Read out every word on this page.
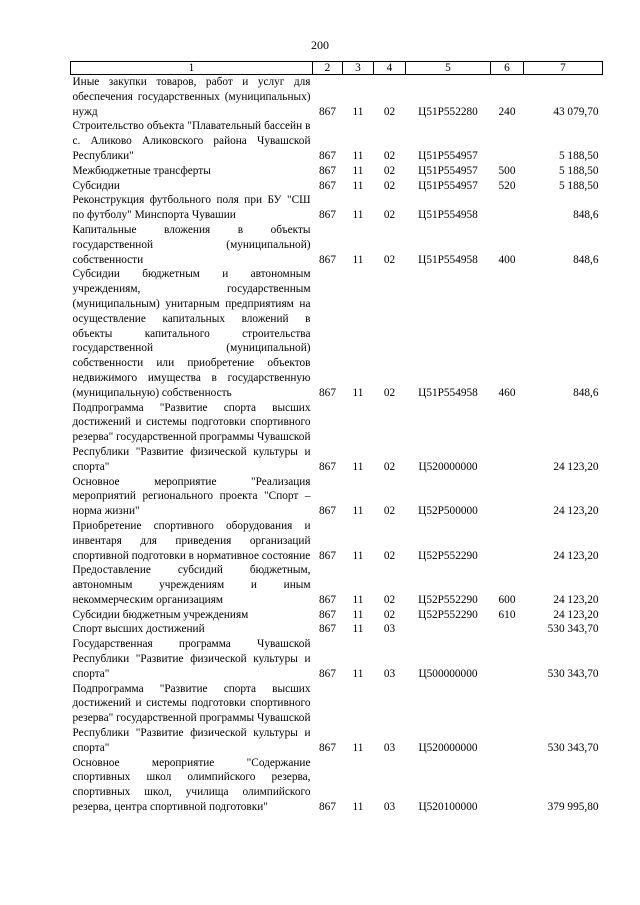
200
1	2	3	4	5	6	7
Иные закупки товаров, работ и услуг для обеспечения государственных (муниципальных) нужд	867	11	02	Ц51Р552280	240	43 079,70
Строительство объекта "Плавательный бассейн в с. Аликово Аликовского района Чувашской Республики"	867	11	02	Ц51Р554957		5 188,50
Межбюджетные трансферты	867	11	02	Ц51Р554957	500	5 188,50
Субсидии	867	11	02	Ц51Р554957	520	5 188,50
Реконструкция футбольного поля при БУ "СШ по футболу" Минспорта Чувашии	867	11	02	Ц51Р554958		848,6
Капитальные вложения в объекты государственной (муниципальной) собственности	867	11	02	Ц51Р554958	400	848,6
Субсидии бюджетным и автономным учреждениям, государственным (муниципальным) унитарным предприятиям на осуществление капитальных вложений в объекты капитального строительства государственной (муниципальной) собственности или приобретение объектов недвижимого имущества в государственную (муниципальную) собственность	867	11	02	Ц51Р554958	460	848,6
Подпрограмма "Развитие спорта высших достижений и системы подготовки спортивного резерва" государственной программы Чувашской Республики "Развитие физической культуры и спорта"	867	11	02	Ц520000000		24 123,20
Основное мероприятие "Реализация мероприятий регионального проекта "Спорт – норма жизни"	867	11	02	Ц52Р500000		24 123,20
Приобретение спортивного оборудования и инвентаря для приведения организаций спортивной подготовки в нормативное состояние	867	11	02	Ц52Р552290		24 123,20
Предоставление субсидий бюджетным, автономным учреждениям и иным некоммерческим организациям	867	11	02	Ц52Р552290	600	24 123,20
Субсидии бюджетным учреждениям	867	11	02	Ц52Р552290	610	24 123,20
Спорт высших достижений	867	11	03			530 343,70
Государственная программа Чувашской Республики "Развитие физической культуры и спорта"	867	11	03	Ц500000000		530 343,70
Подпрограмма "Развитие спорта высших достижений и системы подготовки спортивного резерва" государственной программы Чувашской Республики "Развитие физической культуры и спорта"	867	11	03	Ц520000000		530 343,70
Основное мероприятие "Содержание спортивных школ олимпийского резерва, спортивных школ, училища олимпийского резерва, центра спортивной подготовки"	867	11	03	Ц520100000		379 995,80
